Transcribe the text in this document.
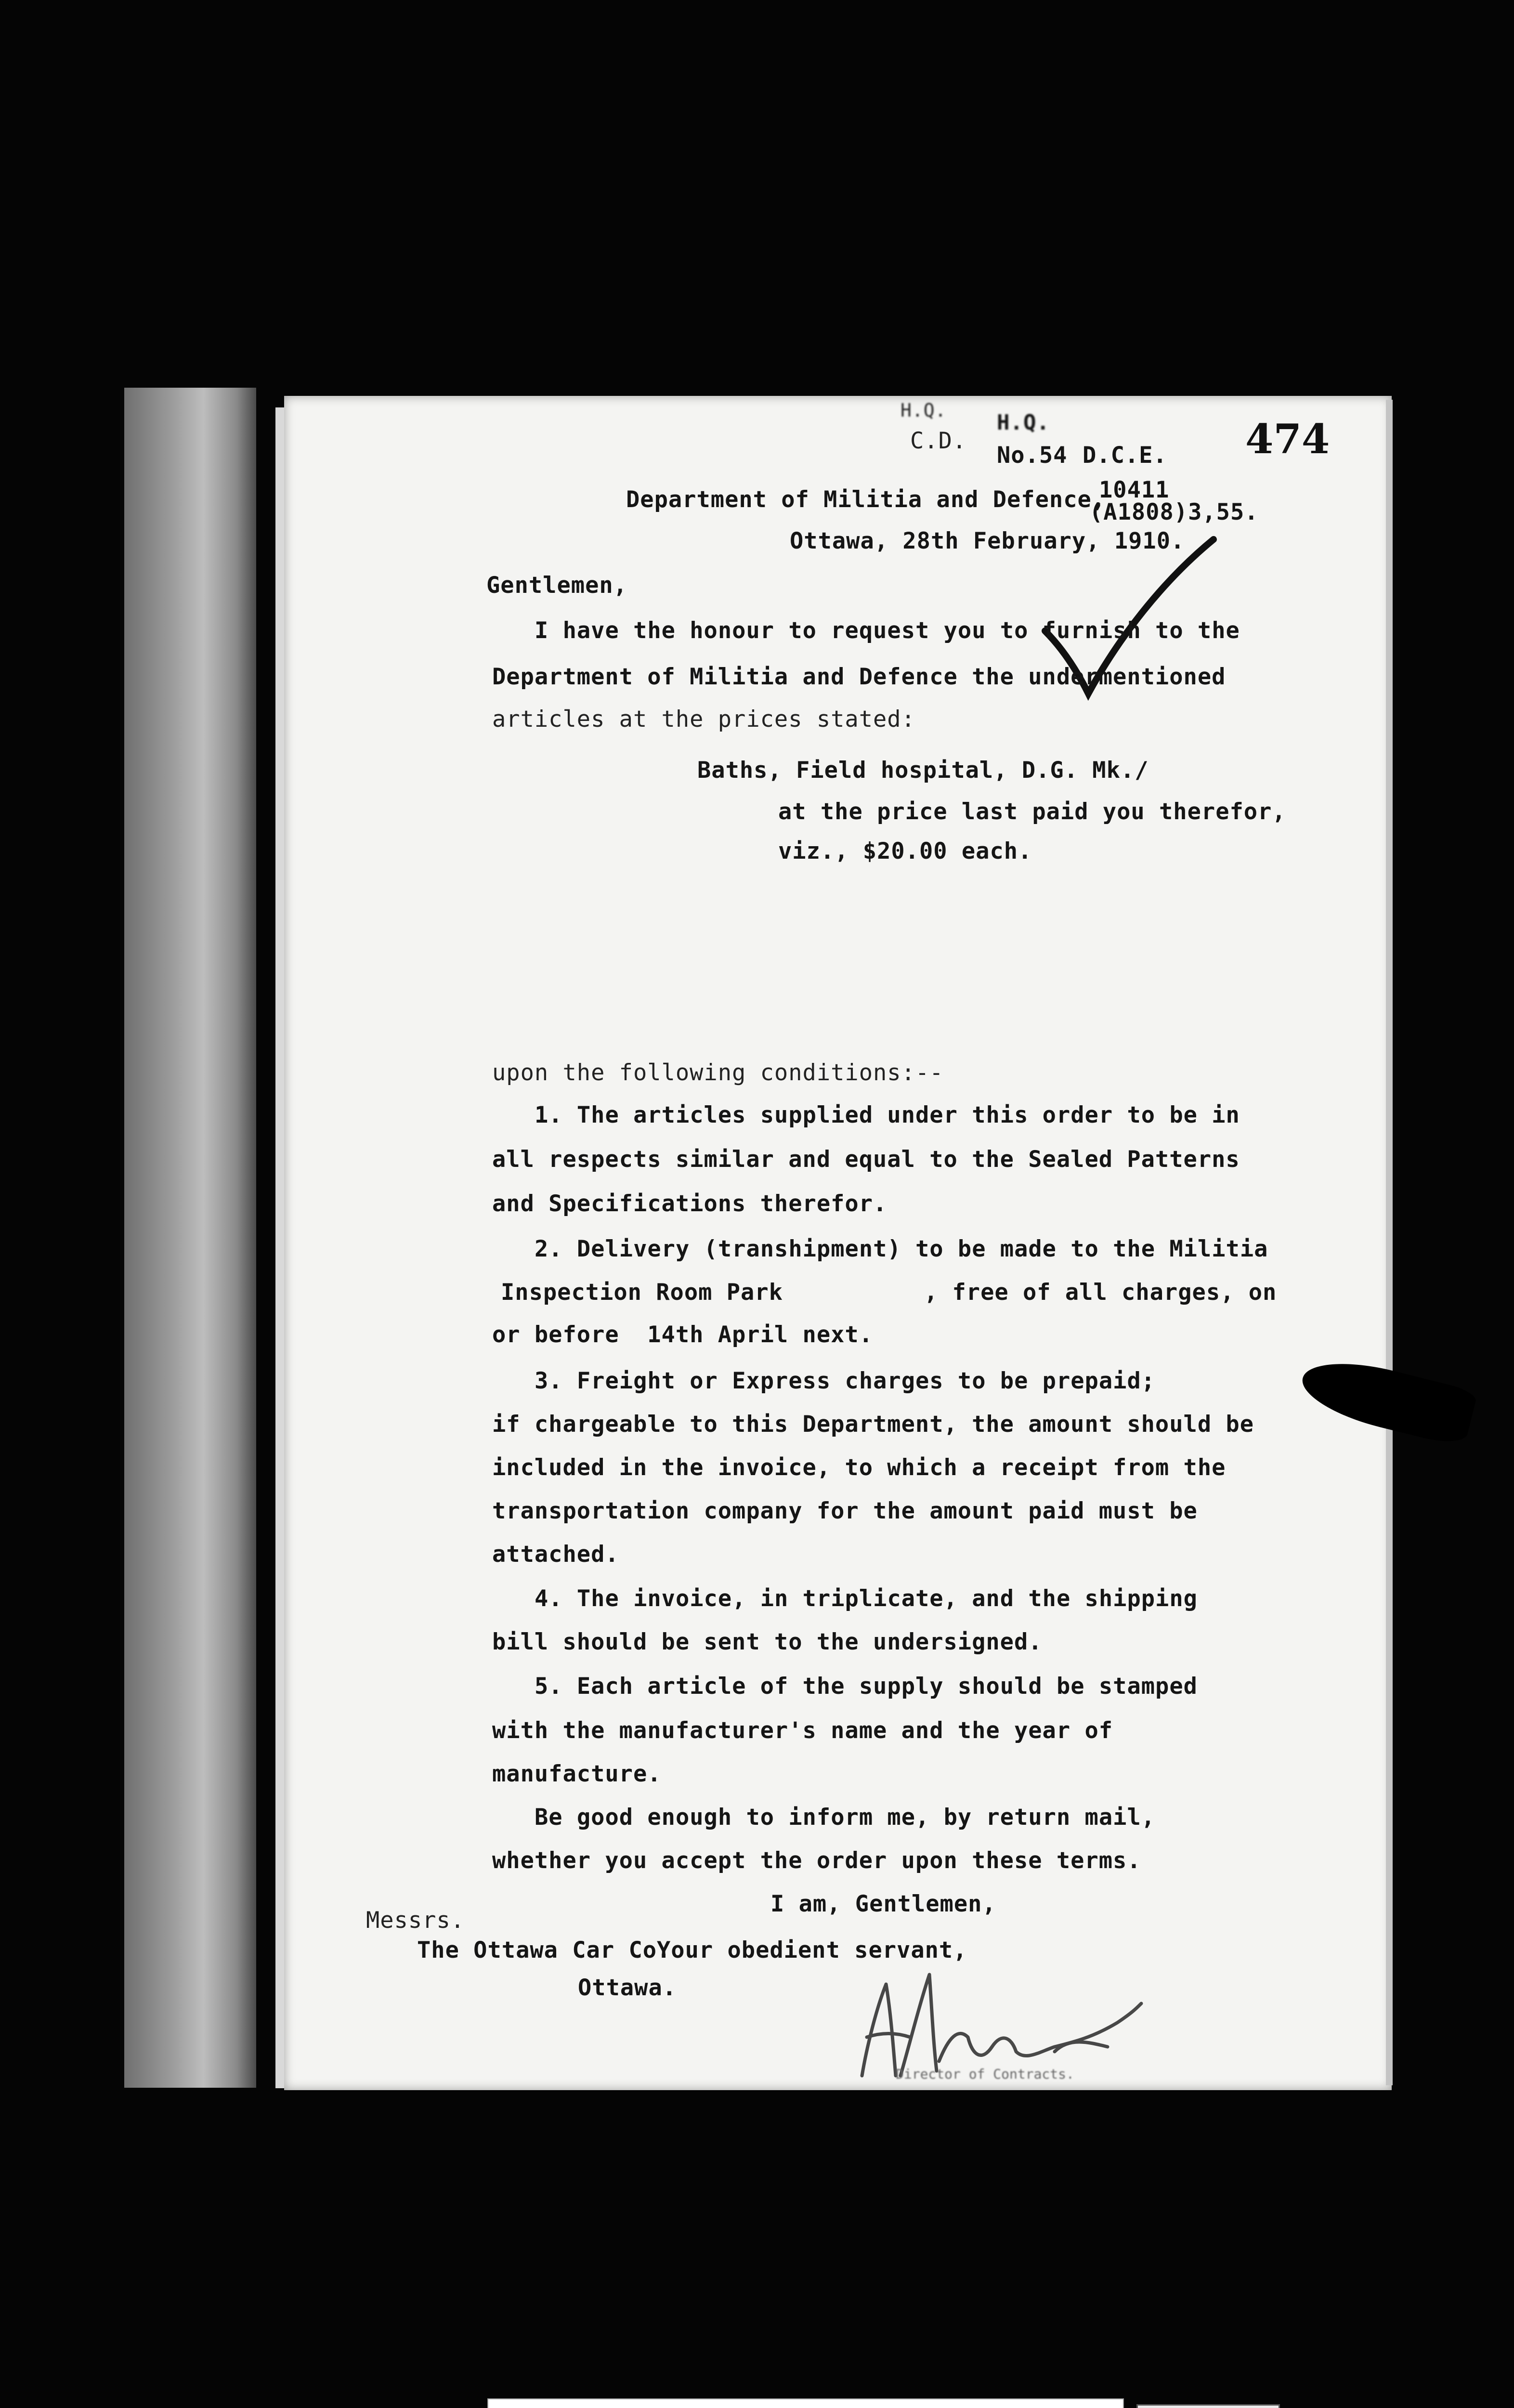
H.Q.
C.D.
H.Q.
No.54 D.C.E.
10411
(A1808)3,55.
474
Department of Militia and Defence,
Ottawa, 28th February, 1910.
Gentlemen,
I have the honour to request you to furnish to the
Department of Militia and Defence the undermentioned
articles at the prices stated:
Baths, Field hospital, D.G. Mk./
at the price last paid you therefor,
viz., $20.00 each.
upon the following conditions:--
1. The articles supplied under this order to be in
all respects similar and equal to the Sealed Patterns
and Specifications therefor.
2. Delivery (transhipment) to be made to the Militia
Inspection Room Park          , free of all charges, on
or before  14th April next.
3. Freight or Express charges to be prepaid;
if chargeable to this Department, the amount should be
included in the invoice, to which a receipt from the
transportation company for the amount paid must be
attached.
4. The invoice, in triplicate, and the shipping
bill should be sent to the undersigned.
5. Each article of the supply should be stamped
with the manufacturer's name and the year of
manufacture.
Be good enough to inform me, by return mail,
whether you accept the order upon these terms.
I am, Gentlemen,
Messrs.
The Ottawa Car Co.
Your obedient servant,
Ottawa.
Director of Contracts.
